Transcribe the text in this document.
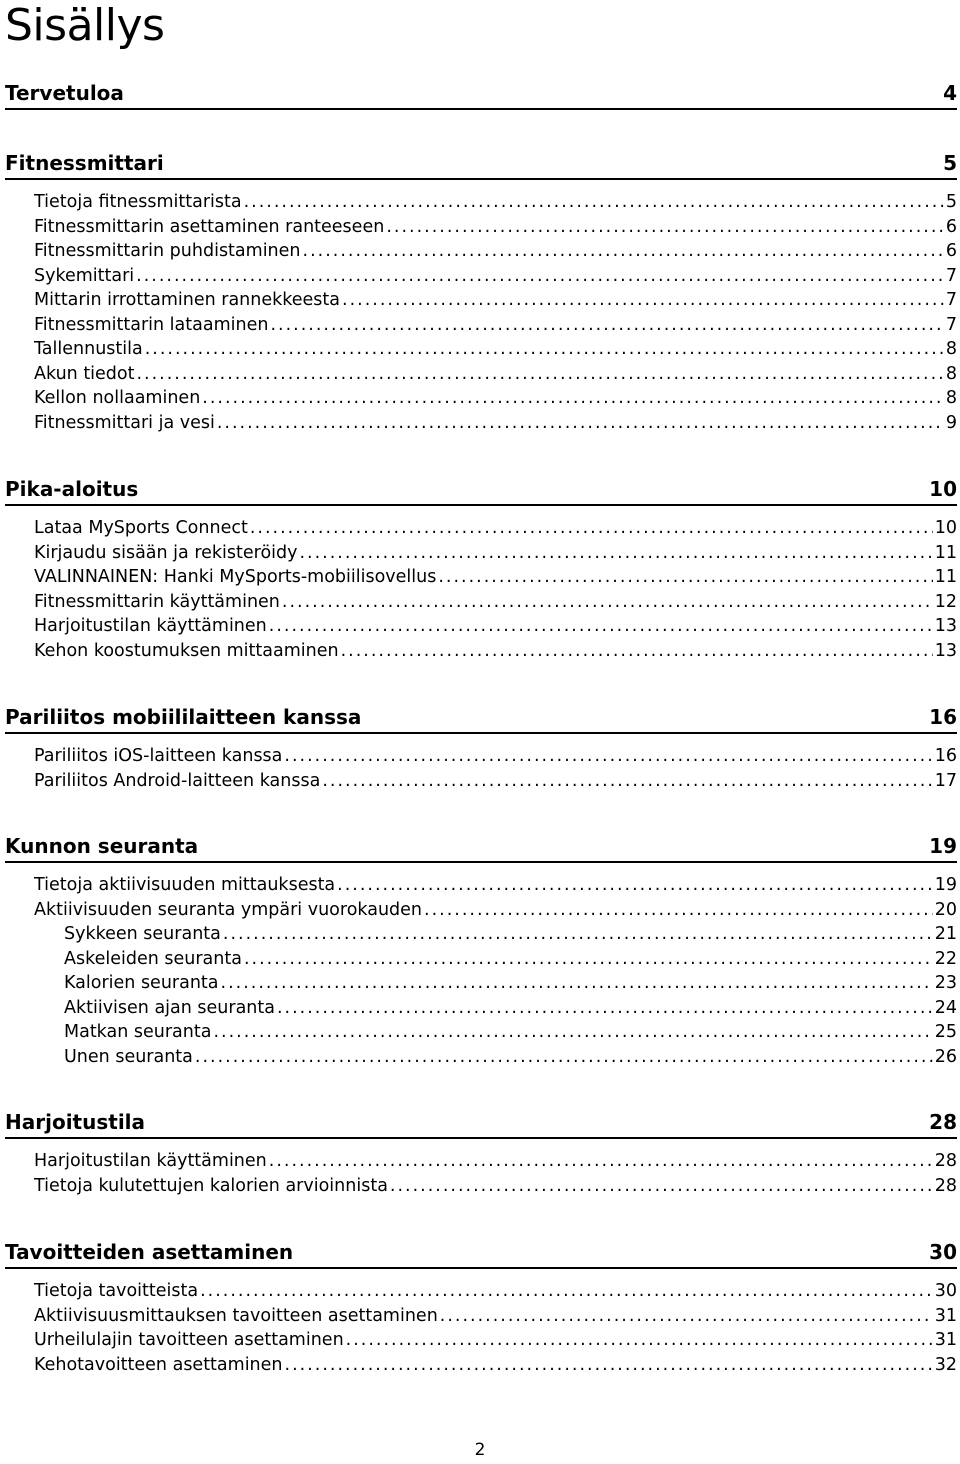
Sisällys
Tervetuloa	4
Fitnessmittari	5
Tietoja fitnessmittarista .....	5
Fitnessmittarin asettaminen ranteeseen .....	6
Fitnessmittarin puhdistaminen .....	6
Sykemittari .....	7
Mittarin irrottaminen rannekkeesta .....	7
Fitnessmittarin lataaminen .....	7
Tallennustila .....	8
Akun tiedot .....	8
Kellon nollaaminen .....	8
Fitnessmittari ja vesi .....	9
Pika-aloitus	10
Lataa MySports Connect .....	10
Kirjaudu sisään ja rekisteröidy .....	11
VALINNAINEN: Hanki MySports-mobiilisovellus .....	11
Fitnessmittarin käyttäminen .....	12
Harjoitustilan käyttäminen .....	13
Kehon koostumuksen mittaaminen .....	13
Pariliitos mobiililaitteen kanssa	16
Pariliitos iOS-laitteen kanssa .....	16
Pariliitos Android-laitteen kanssa .....	17
Kunnon seuranta	19
Tietoja aktiivisuuden mittauksesta .....	19
Aktiivisuuden seuranta ympäri vuorokauden .....	20
Sykkeen seuranta .....	21
Askeleiden seuranta .....	22
Kalorien seuranta .....	23
Aktiivisen ajan seuranta .....	24
Matkan seuranta .....	25
Unen seuranta .....	26
Harjoitustila	28
Harjoitustilan käyttäminen .....	28
Tietoja kulutettujen kalorien arvioinnista .....	28
Tavoitteiden asettaminen	30
Tietoja tavoitteista .....	30
Aktiivisuusmittauksen tavoitteen asettaminen .....	31
Urheilulajin tavoitteen asettaminen .....	31
Kehotavoitteen asettaminen .....	32
2
